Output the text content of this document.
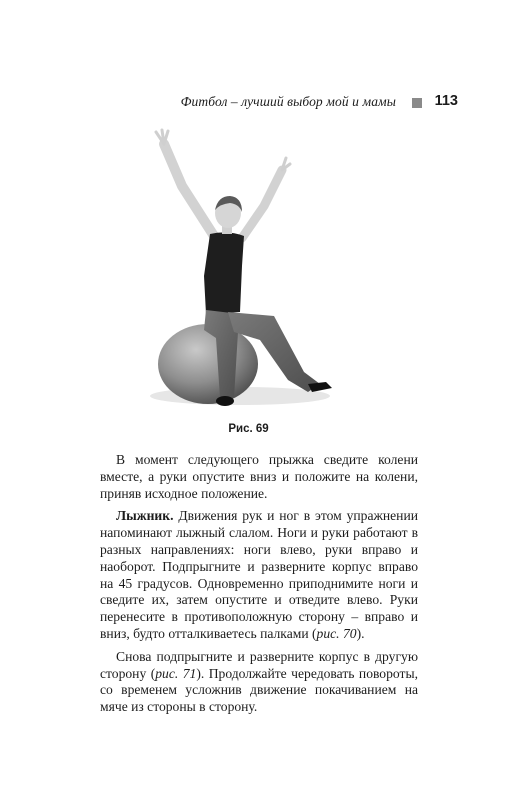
Фитбол – лучший выбор мой и мамы	113
Рис. 69

В момент следующего прыжка сведите колени вместе, а руки опустите вниз и положите на колени, приняв исходное положение.

Лыжник. Движения рук и ног в этом упражнении напоминают лыжный слалом. Ноги и руки работают в разных направлениях: ноги влево, руки вправо и наоборот. Подпрыгните и разверните корпус вправо на 45 градусов. Одновременно приподнимите ноги и сведите их, затем опустите и отведите влево. Руки перенесите в противоположную сторону – вправо и вниз, будто отталкиваетесь палками (рис. 70).

Снова подпрыгните и разверните корпус в другую сторону (рис. 71). Продолжайте чередовать повороты, со временем усложнив движение покачиванием на мяче из стороны в сторону.
